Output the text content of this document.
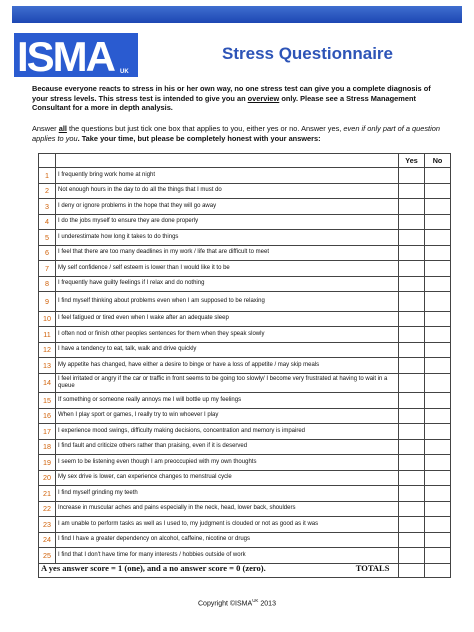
ISMA UK
Stress Questionnaire
Because everyone reacts to stress in his or her own way, no one stress test can give you a complete diagnosis of your stress levels. This stress test is intended to give you an overview only. Please see a Stress Management Consultant for a more in depth analysis.
Answer all the questions but just tick one box that applies to you, either yes or no. Answer yes, even if only part of a question applies to you. Take your time, but please be completely honest with your answers:
		Yes	No
1	I frequently bring work home at night		
2	Not enough hours in the day to do all the things that I must do		
3	I deny or ignore problems in the hope that they will go away		
4	I do the jobs myself to ensure they are done properly		
5	I underestimate how long it takes to do things		
6	I feel that there are too many deadlines in my work / life that are difficult to meet		
7	My self confidence / self esteem is lower than I would like it to be		
8	I frequently have guilty feelings if I relax and do nothing		
9	I find myself thinking about problems even when I am supposed to be relaxing		
10	I feel fatigued or tired even when I wake after an adequate sleep		
11	I often nod or finish other peoples sentences for them when they speak slowly		
12	I have a tendency to eat, talk, walk and drive quickly		
13	My appetite has changed, have either a desire to binge or have a loss of appetite / may skip meals		
14	I feel irritated or angry if the car or traffic in front seems to be going too slowly/ I become very frustrated at having to wait in a queue		
15	If something or someone really annoys me I will bottle up my feelings		
16	When I play sport or games, I really try to win whoever I play		
17	I experience mood swings, difficulty making decisions, concentration and memory is impaired		
18	I find fault and criticize others rather than praising, even if it is deserved		
19	I seem to be listening even though I am preoccupied with my own thoughts		
20	My sex drive is lower, can experience changes to menstrual cycle		
21	I find myself grinding my teeth		
22	Increase in muscular aches and pains especially in the neck, head, lower back, shoulders		
23	I am unable to perform tasks as well as I used to, my judgment is clouded or not as good as it was		
24	I find I have a greater dependency on alcohol, caffeine, nicotine or drugs		
25	I find that I don't have time for many interests / hobbies outside of work		
A yes answer score = 1 (one), and a no answer score = 0 (zero). TOTALS			
Copyright $©ISMA^{UK}$ 2013
